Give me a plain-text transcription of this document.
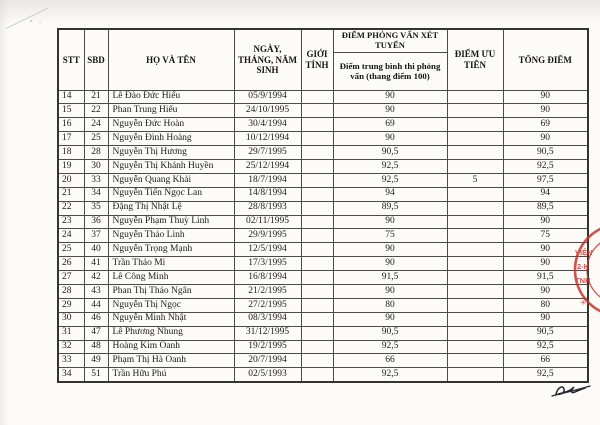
STT	SBD	HỌ VÀ TÊN	NGÀY, THÁNG, NĂM SINH	GIỚI TÍNH	ĐIỂM PHỎNG VẤN XÉT TUYỂN	ĐIỂM ƯU TIÊN	TỔNG ĐIỂM
					Điểm trung bình thi phỏng vấn (thang điểm 100)		
14	21	Lê Đào Đức Hiếu	05/9/1994		90		90
15	22	Phan Trung Hiếu	24/10/1995		90		90
16	24	Nguyễn Đức Hoàn	30/4/1994		69		69
17	25	Nguyễn Đình Hoàng	10/12/1994		90		90
18	28	Nguyễn Thị Hương	29/7/1995		90,5		90,5
19	30	Nguyễn Thị Khánh Huyền	25/12/1994		92,5		92,5
20	33	Nguyễn Quang Khải	18/7/1994		92,5	5	97,5
21	34	Nguyễn Tiến Ngọc Lan	14/8/1994		94		94
22	35	Đặng Thị Nhật Lệ	28/8/1993		89,5		89,5
23	36	Nguyễn Phạm Thuỳ Linh	02/11/1995		90		90
24	37	Nguyễn Thảo Linh	29/9/1995		75		75
25	40	Nguyễn Trọng Mạnh	12/5/1994		90		90
26	41	Trần Thảo Mi	17/3/1995		90		90
27	42	Lê Công Minh	16/8/1994		91,5		91,5
28	43	Phan Thị Thảo Ngân	21/2/1995		90		90
29	44	Nguyễn Thị Ngọc	27/2/1995		80		80
30	46	Nguyễn Minh Nhật	08/3/1994		90		90
31	47	Lê Phương Nhung	31/12/1995		90,5		90,5
32	48	Hoàng Kim Oanh	19/2/1995		92,5		92,5
33	49	Phạm Thị Hà Oanh	20/7/1994		66		66
34	51	Trần Hữu Phú	02/5/1993		92,5		92,5
VIỆN
2-H
TNH
✳
